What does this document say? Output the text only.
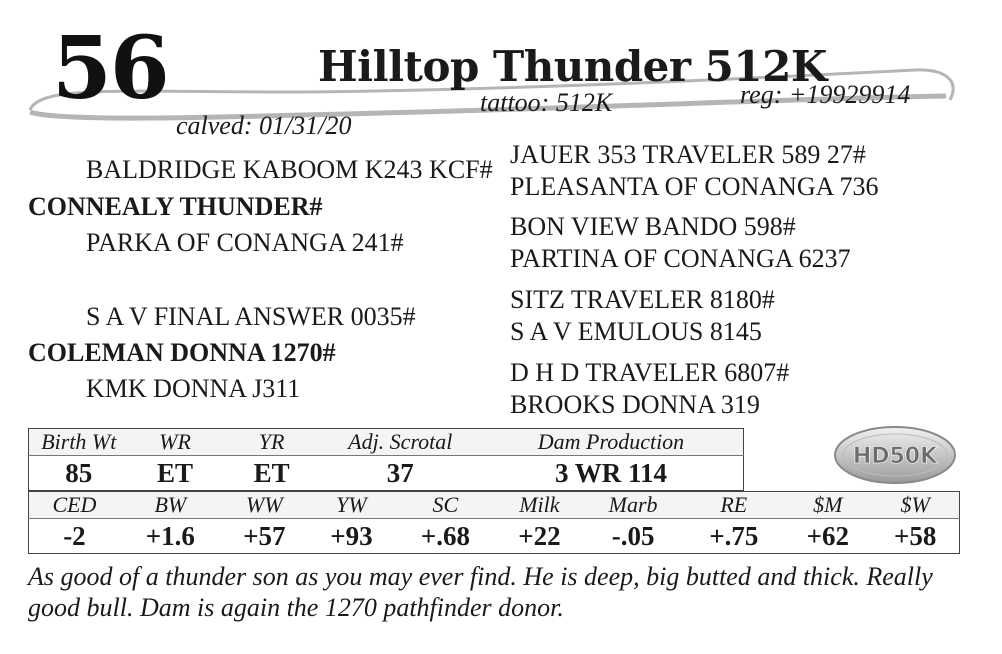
56	Hilltop Thunder 512K
tattoo: 512K	reg: +19929914
calved: 01/31/20
BALDRIDGE KABOOM K243 KCF#
CONNEALY THUNDER#
PARKA OF CONANGA 241#
S A V FINAL ANSWER 0035#
COLEMAN DONNA 1270#
KMK DONNA J311
JAUER 353 TRAVELER 589 27#
PLEASANTA OF CONANGA 736
BON VIEW BANDO 598#
PARTINA OF CONANGA 6237
SITZ TRAVELER 8180#
S A V EMULOUS 8145
D H D TRAVELER 6807#
BROOKS DONNA 319
Birth Wt	WR	YR	Adj. Scrotal	Dam Production
85	ET	ET	37	3 WR 114
HD50K
CED	BW	WW	YW	SC	Milk	Marb	RE	$M	$W
-2	+1.6	+57	+93	+.68	+22	-.05	+.75	+62	+58
As good of a thunder son as you may ever find. He is deep, big butted and thick. Really good bull. Dam is again the 1270 pathfinder donor.
